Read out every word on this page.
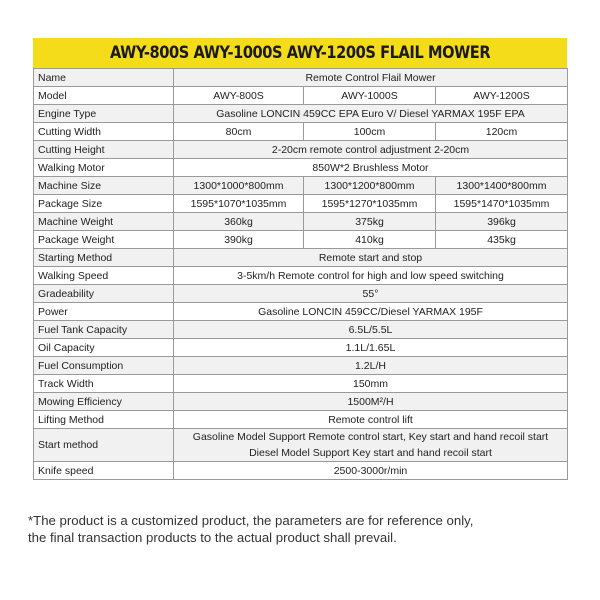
AWY-800S AWY-1000S AWY-1200S FLAIL MOWER
Name	Remote Control Flail Mower		
Model	AWY-800S	AWY-1000S	AWY-1200S
Engine Type	Gasoline LONCIN 459CC EPA Euro V/ Diesel YARMAX 195F EPA		
Cutting Width	80cm	100cm	120cm
Cutting Height	2-20cm remote control adjustment 2-20cm		
Walking Motor	850W*2 Brushless Motor		
Machine Size	1300*1000*800mm	1300*1200*800mm	1300*1400*800mm
Package Size	1595*1070*1035mm	1595*1270*1035mm	1595*1470*1035mm
Machine Weight	360kg	375kg	396kg
Package Weight	390kg	410kg	435kg
Starting Method	Remote start and stop		
Walking Speed	3-5km/h Remote control for high and low speed switching		
Gradeability	55°		
Power	Gasoline LONCIN 459CC/Diesel YARMAX 195F		
Fuel Tank Capacity	6.5L/5.5L		
Oil Capacity	1.1L/1.65L		
Fuel Consumption	1.2L/H		
Track Width	150mm		
Mowing Efficiency	1500M²/H		
Lifting Method	Remote control lift		
Start method	Gasoline Model Support Remote control start, Key start and hand recoil start
Diesel Model Support Key start and hand recoil start		

Knife speed	2500-3000r/min		
*The product is a customized product, the parameters are for reference only,
the final transaction products to the actual product shall prevail.
